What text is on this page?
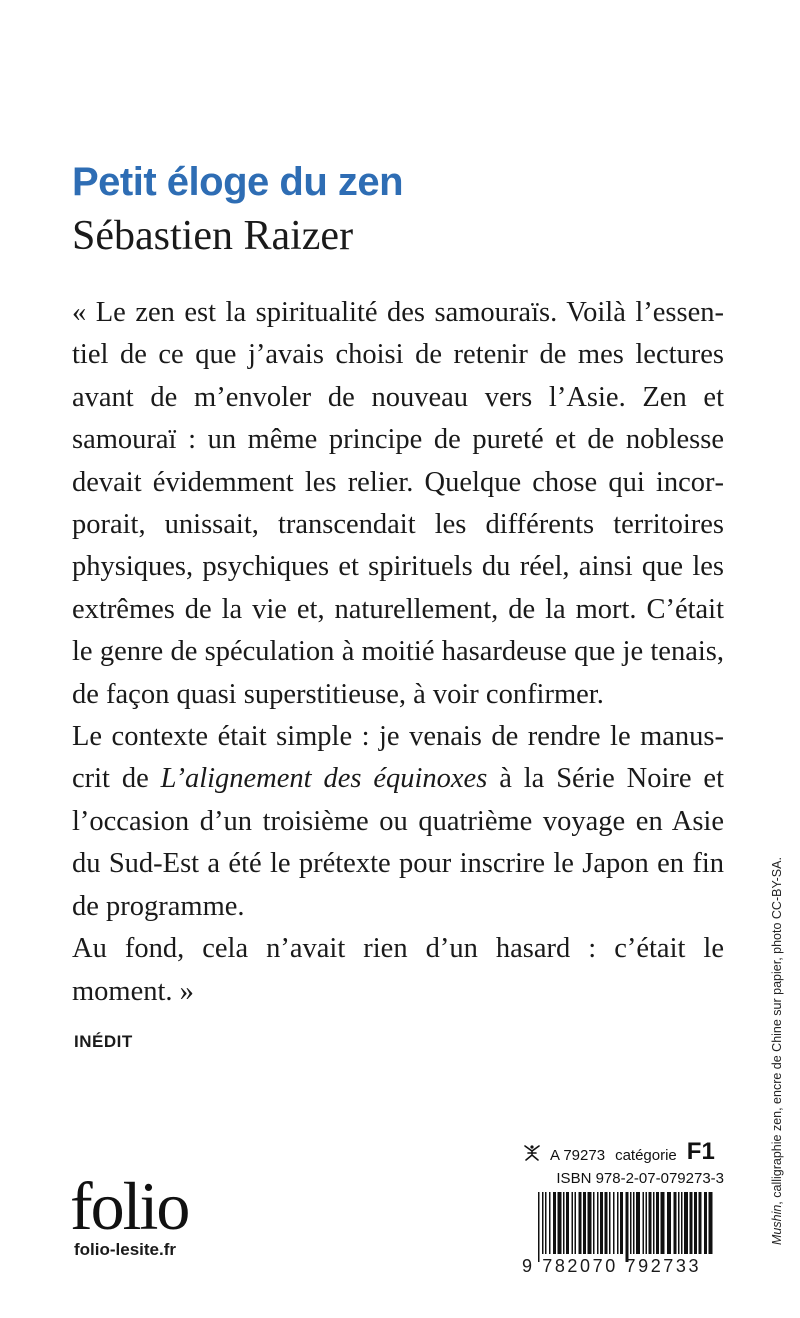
Petit éloge du zen
Sébastien Raizer

« Le zen est la spiritualité des samouraïs. Voilà l’essentiel de ce que j’avais choisi de retenir de mes lectures avant de m’envoler de nouveau vers l’Asie. Zen et samouraï : un même principe de pureté et de noblesse devait évidemment les relier. Quelque chose qui incorporait, unissait, transcendait les différents territoires physiques, psychiques et spirituels du réel, ainsi que les extrêmes de la vie et, naturellement, de la mort. C’était le genre de spéculation à moitié hasardeuse que je tenais, de façon quasi superstitieuse, à voir confirmer.

Le contexte était simple : je venais de rendre le manuscrit de L’alignement des équinoxes à la Série Noire et l’occasion d’un troisième ou quatrième voyage en Asie du Sud-Est a été le prétexte pour inscrire le Japon en fin de programme.

Au fond, cela n’avait rien d’un hasard : c’était le moment. »

INÉDIT
folio
folio-lesite.fr
A 79273 catégorie F1
ISBN 978-2-07-079273-3
9 782070 792733
Mushin, calligraphie zen, encre de Chine sur papier, photo CC-BY-SA.
